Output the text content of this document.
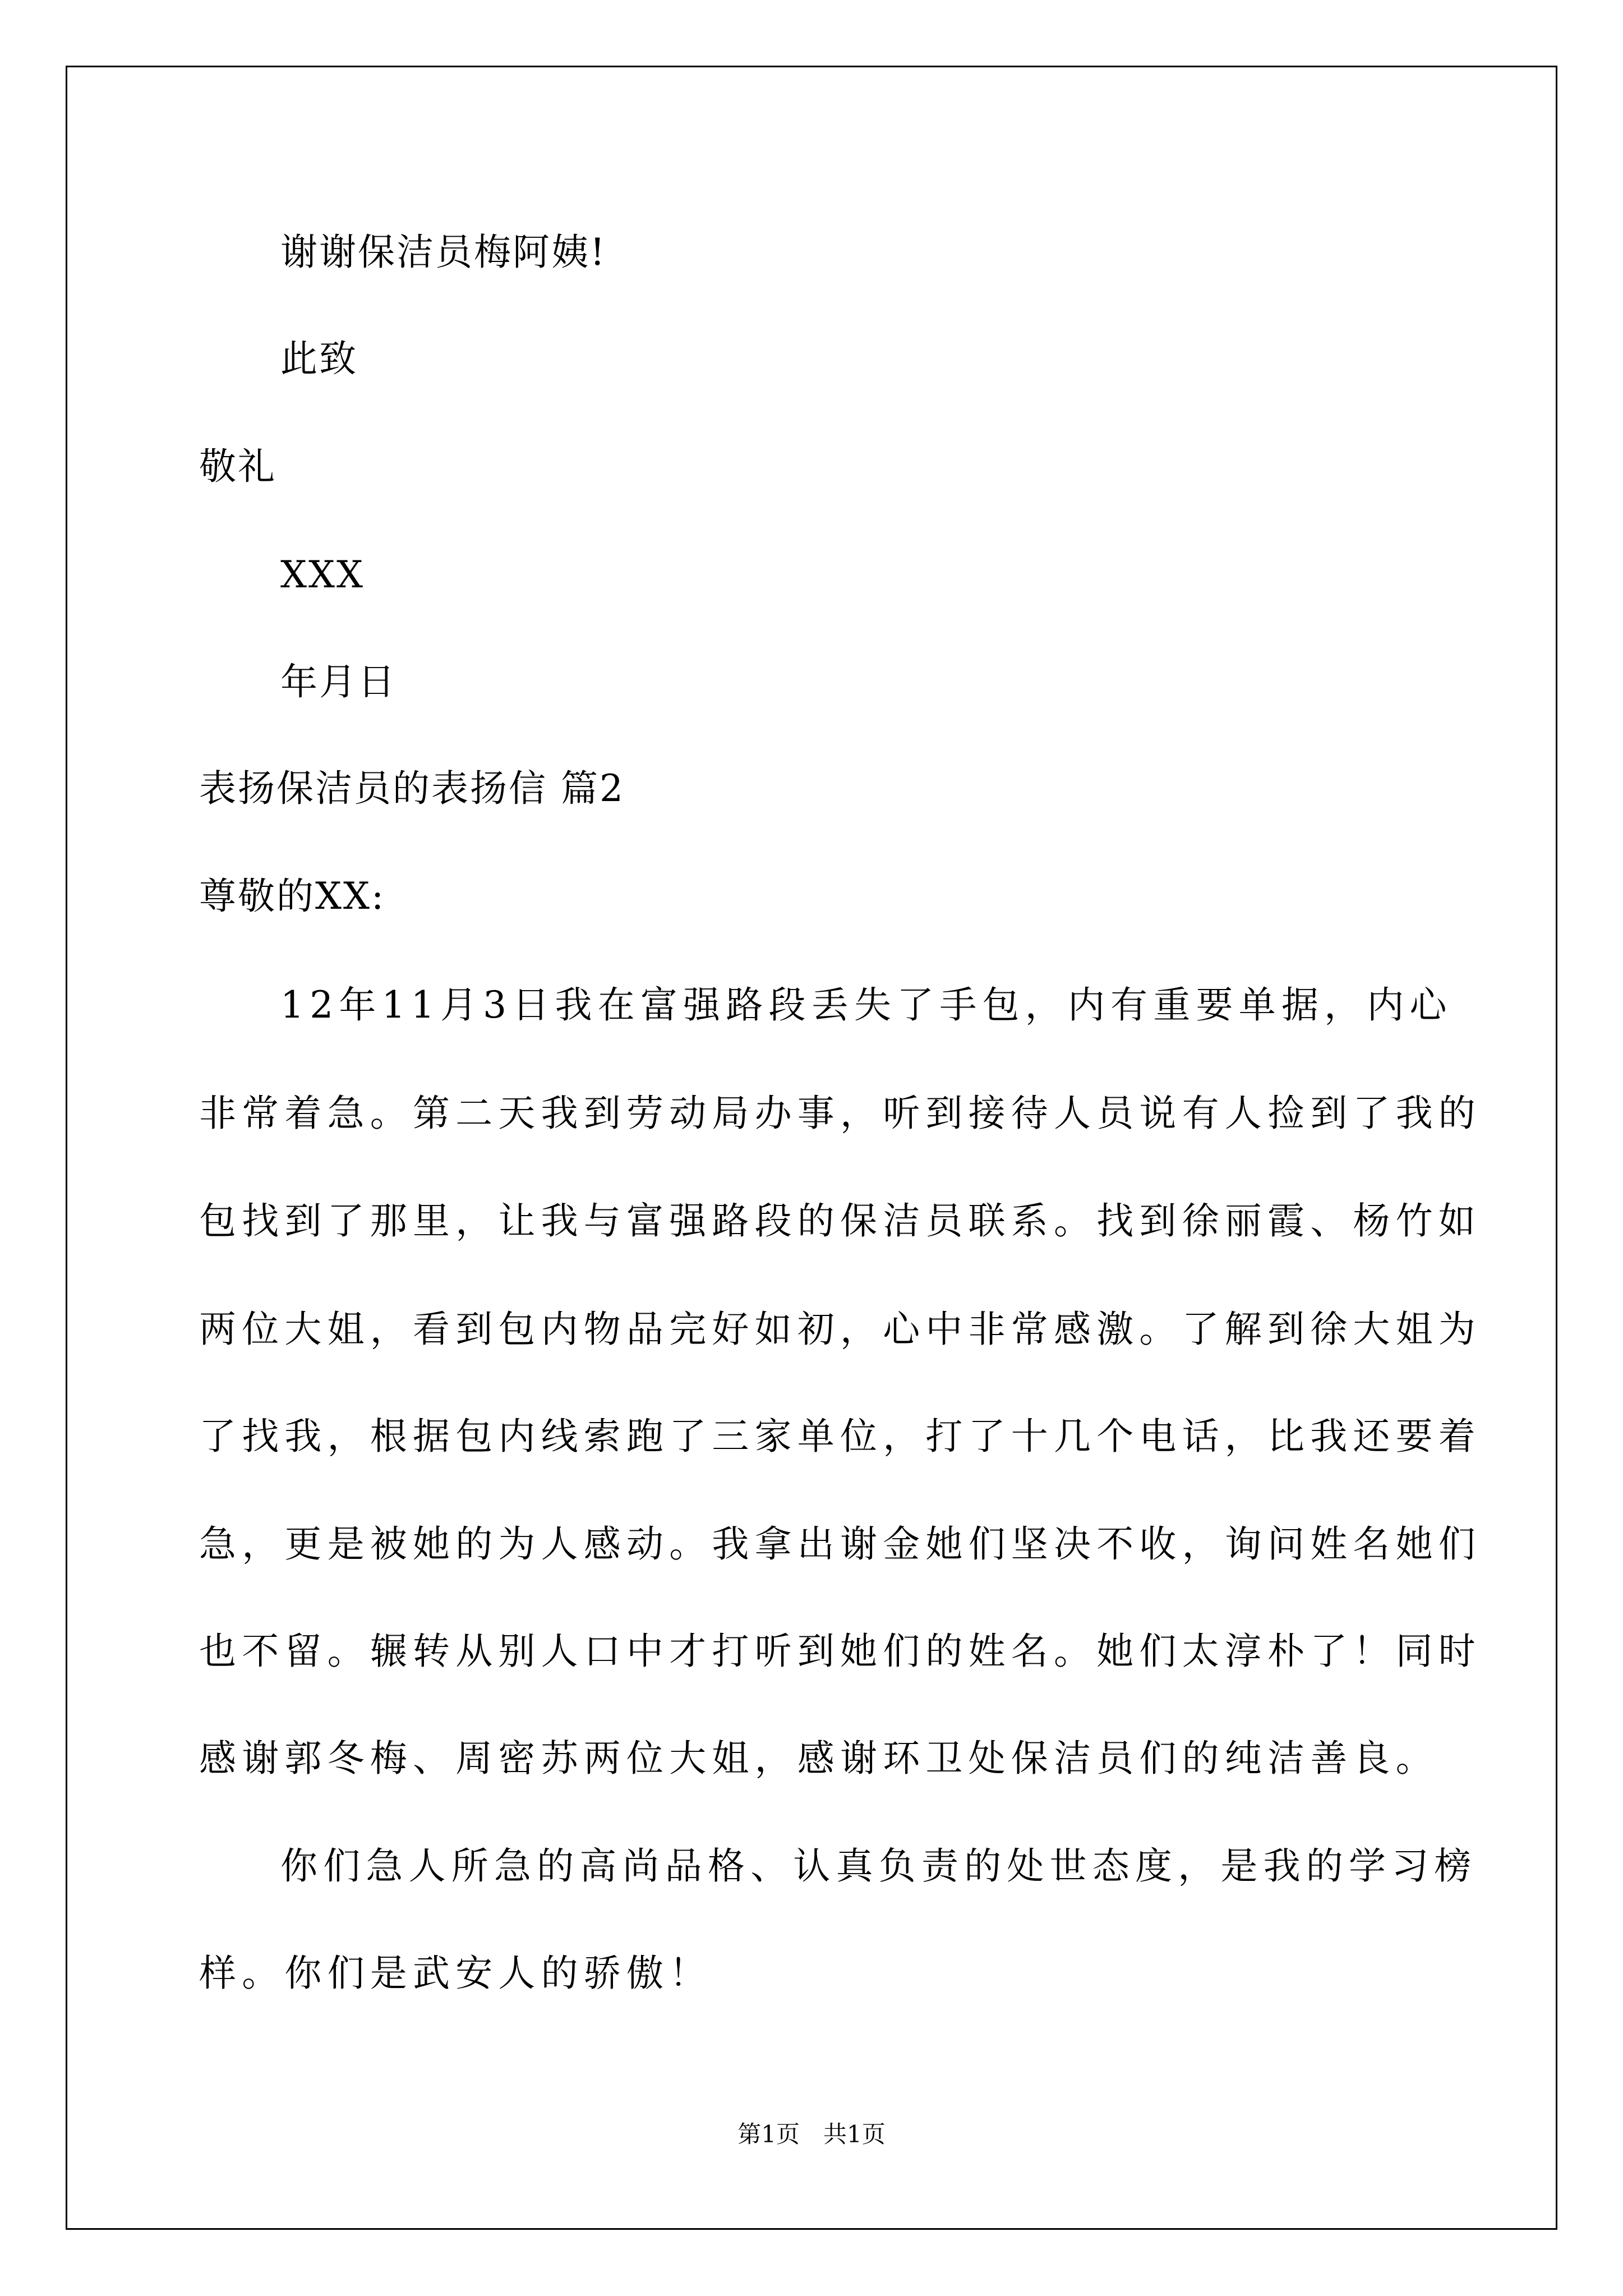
谢谢保洁员梅阿姨!
此致
敬礼
XXX
年月日
表扬保洁员的表扬信 篇2
尊敬的XX:
12年11月3日我在富强路段丢失了手包，内有重要单据，内心
非常着急。第二天我到劳动局办事，听到接待人员说有人捡到了我的
包找到了那里，让我与富强路段的保洁员联系。找到徐丽霞、杨竹如
两位大姐，看到包内物品完好如初，心中非常感激。了解到徐大姐为
了找我，根据包内线索跑了三家单位，打了十几个电话，比我还要着
急，更是被她的为人感动。我拿出谢金她们坚决不收，询问姓名她们
也不留。辗转从别人口中才打听到她们的姓名。她们太淳朴了！同时
感谢郭冬梅、周密苏两位大姐，感谢环卫处保洁员们的纯洁善良。
你们急人所急的高尚品格、认真负责的处世态度，是我的学习榜
样。你们是武安人的骄傲！
第1页　共1页
